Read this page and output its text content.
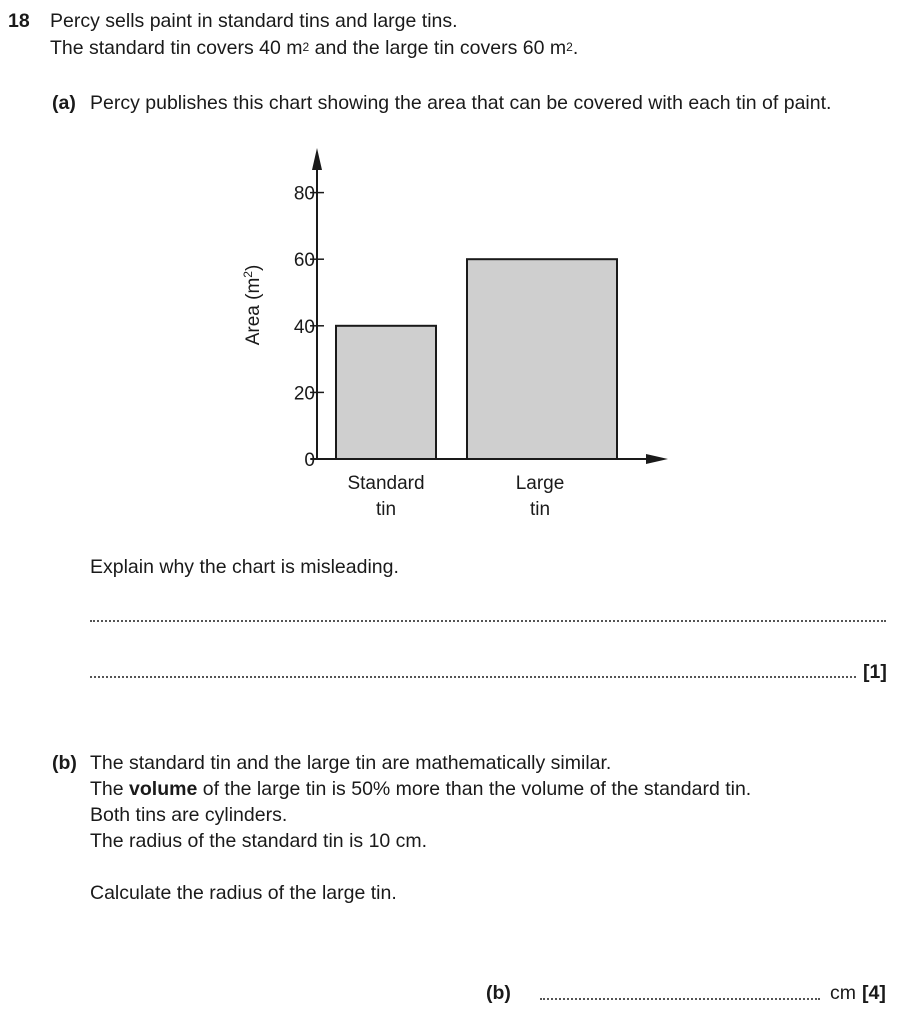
18 Percy sells paint in standard tins and large tins.
The standard tin covers 40 $m^2$ and the large tin covers 60 $m^2$.
(a) Percy publishes this chart showing the area that can be covered with each tin of paint.
0
20
40
60
80
Standard
tin
Large
tin
Area $(m^2)$
Explain why the chart is misleading.
[1]
(b) The standard tin and the large tin are mathematically similar.
The volume of the large tin is 50% more than the volume of the standard tin.
Both tins are cylinders.
The radius of the standard tin is 10 cm.
Calculate the radius of the large tin.
(b)	cm [4]
